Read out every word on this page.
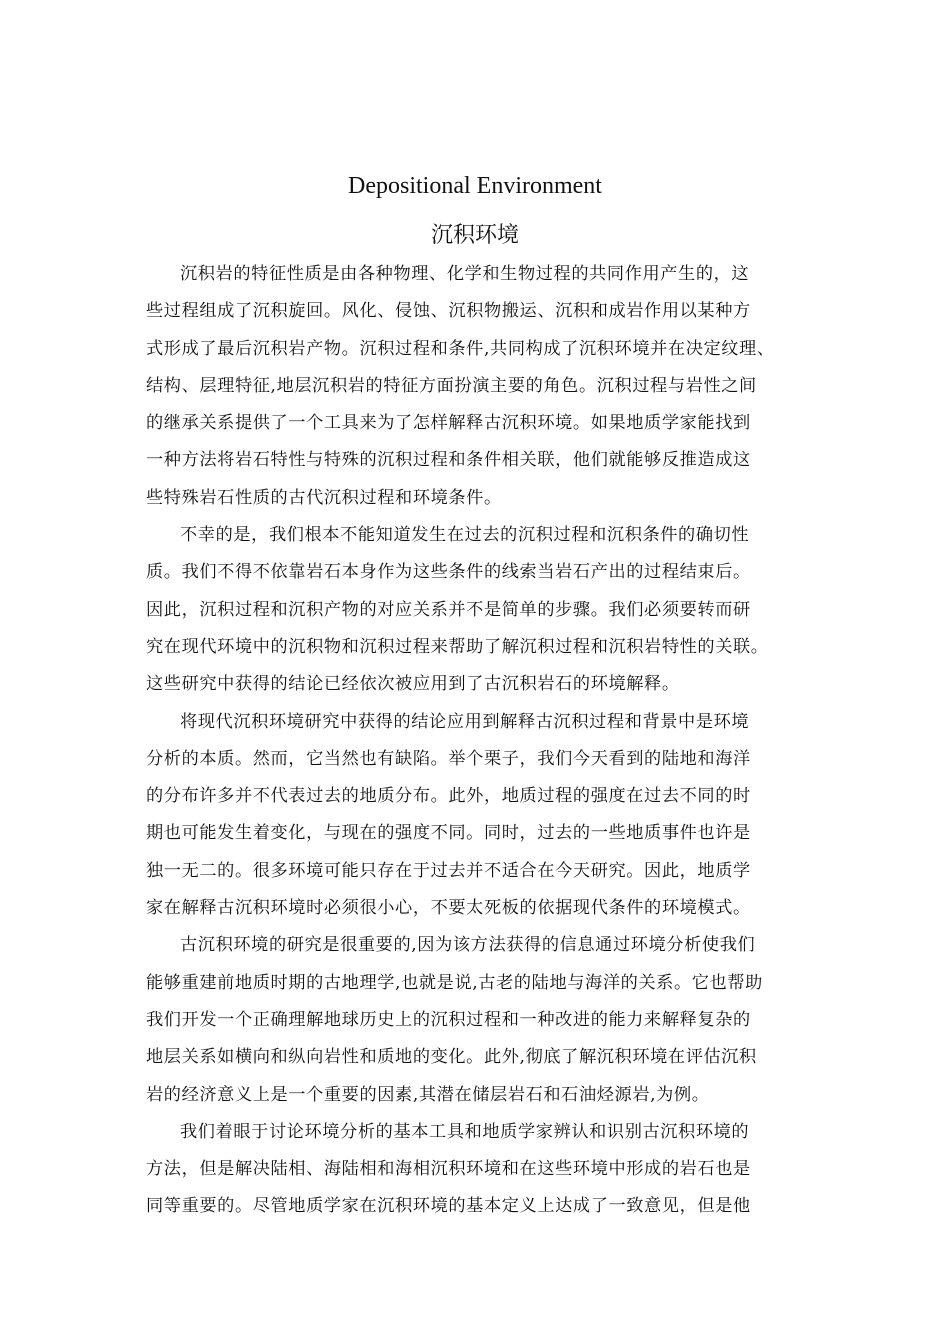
Depositional Environment
沉积环境
沉积岩的特征性质是由各种物理、化学和生物过程的共同作用产生的，这
些过程组成了沉积旋回。风化、侵蚀、沉积物搬运、沉积和成岩作用以某种方
式形成了最后沉积岩产物。沉积过程和条件,共同构成了沉积环境并在决定纹理、
结构、层理特征,地层沉积岩的特征方面扮演主要的角色。沉积过程与岩性之间
的继承关系提供了一个工具来为了怎样解释古沉积环境。如果地质学家能找到
一种方法将岩石特性与特殊的沉积过程和条件相关联，他们就能够反推造成这
些特殊岩石性质的古代沉积过程和环境条件。
不幸的是，我们根本不能知道发生在过去的沉积过程和沉积条件的确切性
质。我们不得不依靠岩石本身作为这些条件的线索当岩石产出的过程结束后。
因此，沉积过程和沉积产物的对应关系并不是简单的步骤。我们必须要转而研
究在现代环境中的沉积物和沉积过程来帮助了解沉积过程和沉积岩特性的关联。
这些研究中获得的结论已经依次被应用到了古沉积岩石的环境解释。
将现代沉积环境研究中获得的结论应用到解释古沉积过程和背景中是环境
分析的本质。然而，它当然也有缺陷。举个栗子，我们今天看到的陆地和海洋
的分布许多并不代表过去的地质分布。此外，地质过程的强度在过去不同的时
期也可能发生着变化，与现在的强度不同。同时，过去的一些地质事件也许是
独一无二的。很多环境可能只存在于过去并不适合在今天研究。因此，地质学
家在解释古沉积环境时必须很小心，不要太死板的依据现代条件的环境模式。
古沉积环境的研究是很重要的,因为该方法获得的信息通过环境分析使我们
能够重建前地质时期的古地理学,也就是说,古老的陆地与海洋的关系。它也帮助
我们开发一个正确理解地球历史上的沉积过程和一种改进的能力来解释复杂的
地层关系如横向和纵向岩性和质地的变化。此外,彻底了解沉积环境在评估沉积
岩的经济意义上是一个重要的因素,其潜在储层岩石和石油烃源岩,为例。
我们着眼于讨论环境分析的基本工具和地质学家辨认和识别古沉积环境的
方法，但是解决陆相、海陆相和海相沉积环境和在这些环境中形成的岩石也是
同等重要的。尽管地质学家在沉积环境的基本定义上达成了一致意见，但是他
